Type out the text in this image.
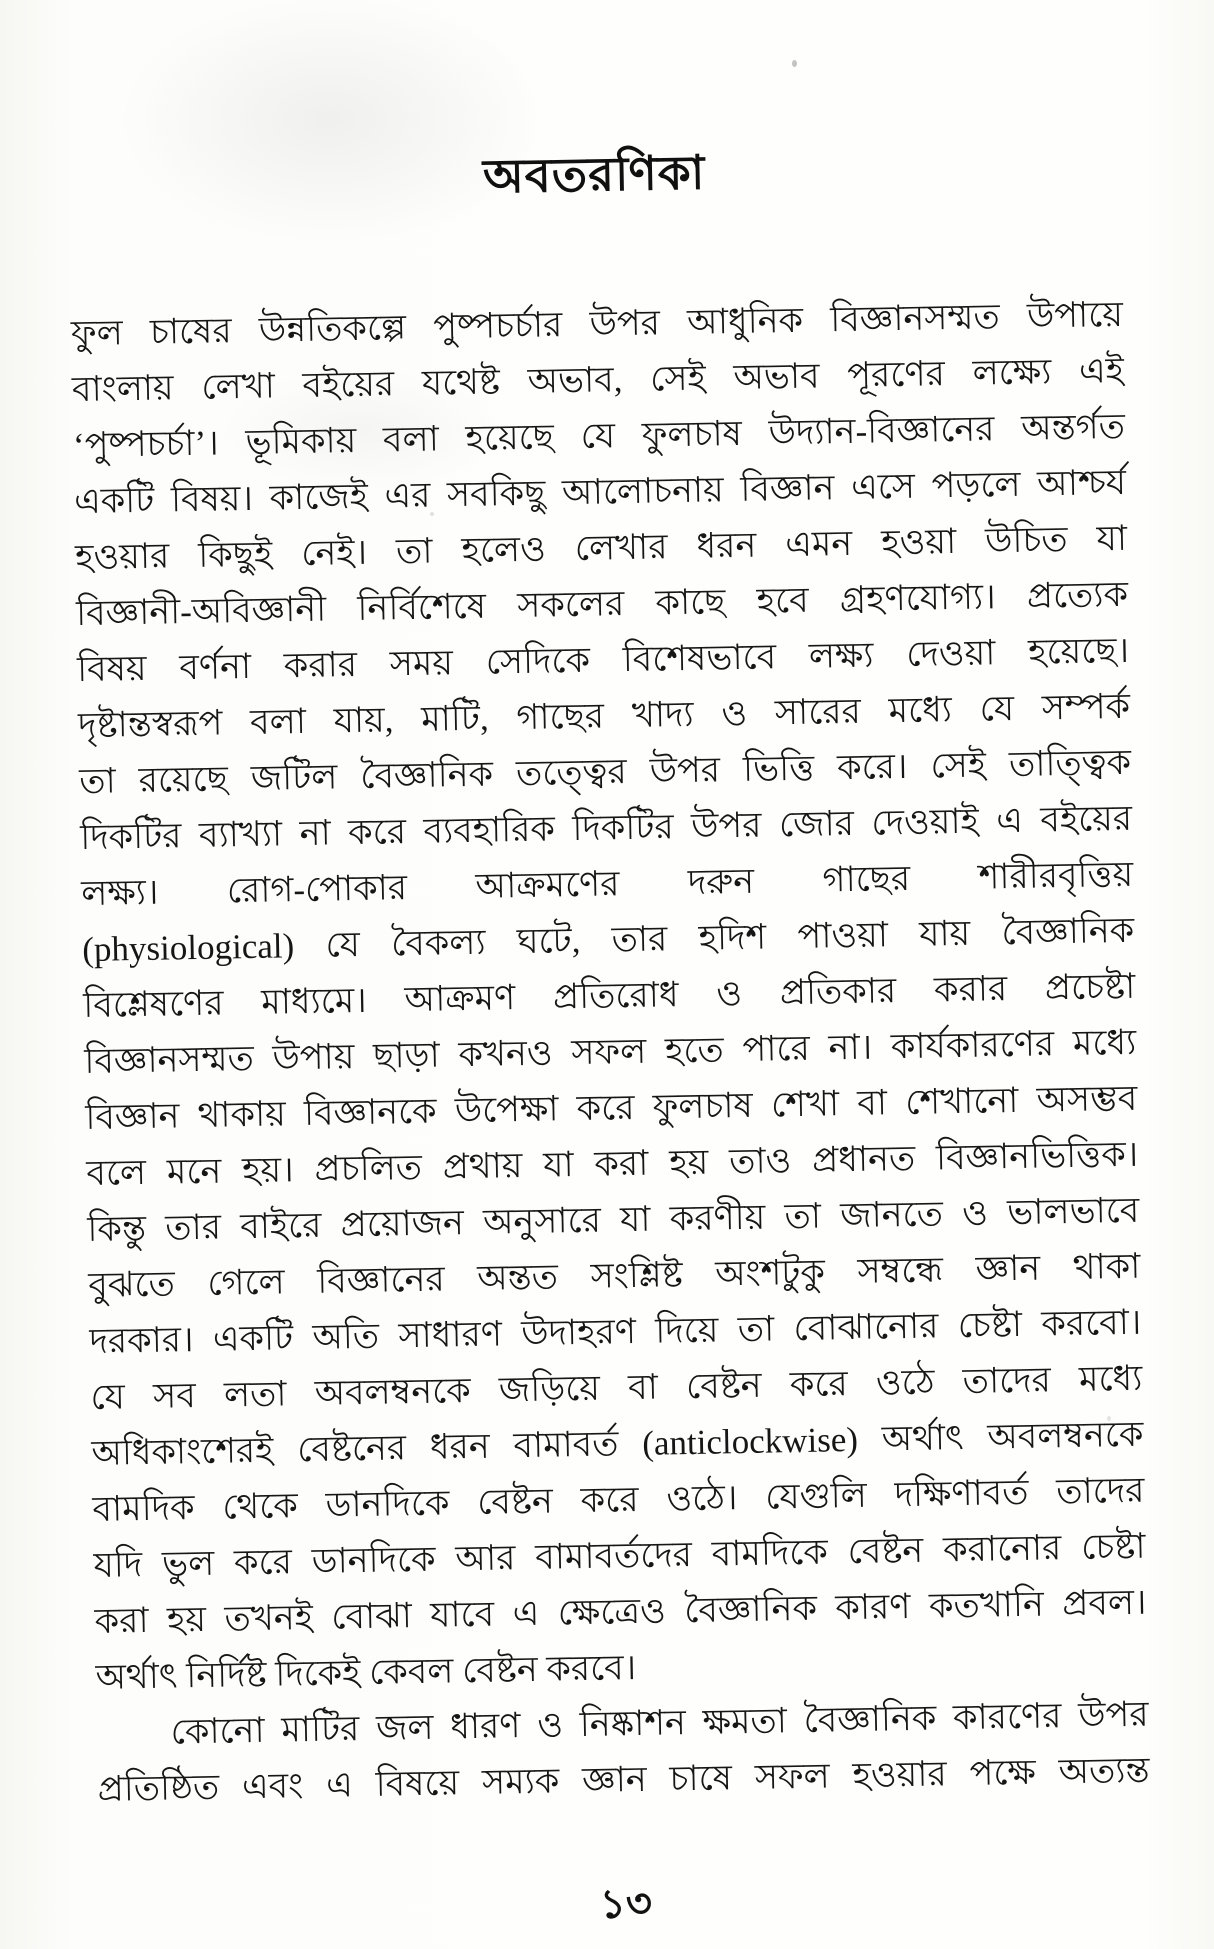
অবতরণিকা

ফুল চাষের উন্নতিকল্পে পুষ্পচর্চার উপর আধুনিক বিজ্ঞানসম্মত উপায়ে

বাংলায় লেখা বইয়ের যথেষ্ট অভাব, সেই অভাব পূরণের লক্ষ্যে এই

‘পুষ্পচর্চা’। ভূমিকায় বলা হয়েছে যে ফুলচাষ উদ্যান-বিজ্ঞানের অন্তর্গত

একটি বিষয়। কাজেই এর সবকিছু আলোচনায় বিজ্ঞান এসে পড়লে আশ্চর্য

হওয়ার কিছুই নেই। তা হলেও লেখার ধরন এমন হওয়া উচিত যা

বিজ্ঞানী-অবিজ্ঞানী নির্বিশেষে সকলের কাছে হবে গ্রহণযোগ্য। প্রত্যেক

বিষয় বর্ণনা করার সময় সেদিকে বিশেষভাবে লক্ষ্য দেওয়া হয়েছে।

দৃষ্টান্তস্বরূপ বলা যায়, মাটি, গাছের খাদ্য ও সারের মধ্যে যে সম্পর্ক

তা রয়েছে জটিল বৈজ্ঞানিক তত্ত্বের উপর ভিত্তি করে। সেই তাত্ত্বিক

দিকটির ব্যাখ্যা না করে ব্যবহারিক দিকটির উপর জোর দেওয়াই এ বইয়ের

লক্ষ্য। রোগ-পোকার আক্রমণের দরুন গাছের শারীরবৃত্তিয়

(physiological) যে বৈকল্য ঘটে, তার হদিশ পাওয়া যায় বৈজ্ঞানিক

বিশ্লেষণের মাধ্যমে। আক্রমণ প্রতিরোধ ও প্রতিকার করার প্রচেষ্টা

বিজ্ঞানসম্মত উপায় ছাড়া কখনও সফল হতে পারে না। কার্যকারণের মধ্যে

বিজ্ঞান থাকায় বিজ্ঞানকে উপেক্ষা করে ফুলচাষ শেখা বা শেখানো অসম্ভব

বলে মনে হয়। প্রচলিত প্রথায় যা করা হয় তাও প্রধানত বিজ্ঞানভিত্তিক।

কিন্তু তার বাইরে প্রয়োজন অনুসারে যা করণীয় তা জানতে ও ভালভাবে

বুঝতে গেলে বিজ্ঞানের অন্তত সংশ্লিষ্ট অংশটুকু সম্বন্ধে জ্ঞান থাকা

দরকার। একটি অতি সাধারণ উদাহরণ দিয়ে তা বোঝানোর চেষ্টা করবো।

যে সব লতা অবলম্বনকে জড়িয়ে বা বেষ্টন করে ওঠে তাদের মধ্যে

অধিকাংশেরই বেষ্টনের ধরন বামাবর্ত (anticlockwise) অর্থাৎ অবলম্বনকে

বামদিক থেকে ডানদিকে বেষ্টন করে ওঠে। যেগুলি দক্ষিণাবর্ত তাদের

যদি ভুল করে ডানদিকে আর বামাবর্তদের বামদিকে বেষ্টন করানোর চেষ্টা

করা হয় তখনই বোঝা যাবে এ ক্ষেত্রেও বৈজ্ঞানিক কারণ কতখানি প্রবল।

অর্থাৎ নির্দিষ্ট দিকেই কেবল বেষ্টন করবে।

কোনো মাটির জল ধারণ ও নিষ্কাশন ক্ষমতা বৈজ্ঞানিক কারণের উপর

প্রতিষ্ঠিত এবং এ বিষয়ে সম্যক জ্ঞান চাষে সফল হওয়ার পক্ষে অত্যন্ত

১৩
